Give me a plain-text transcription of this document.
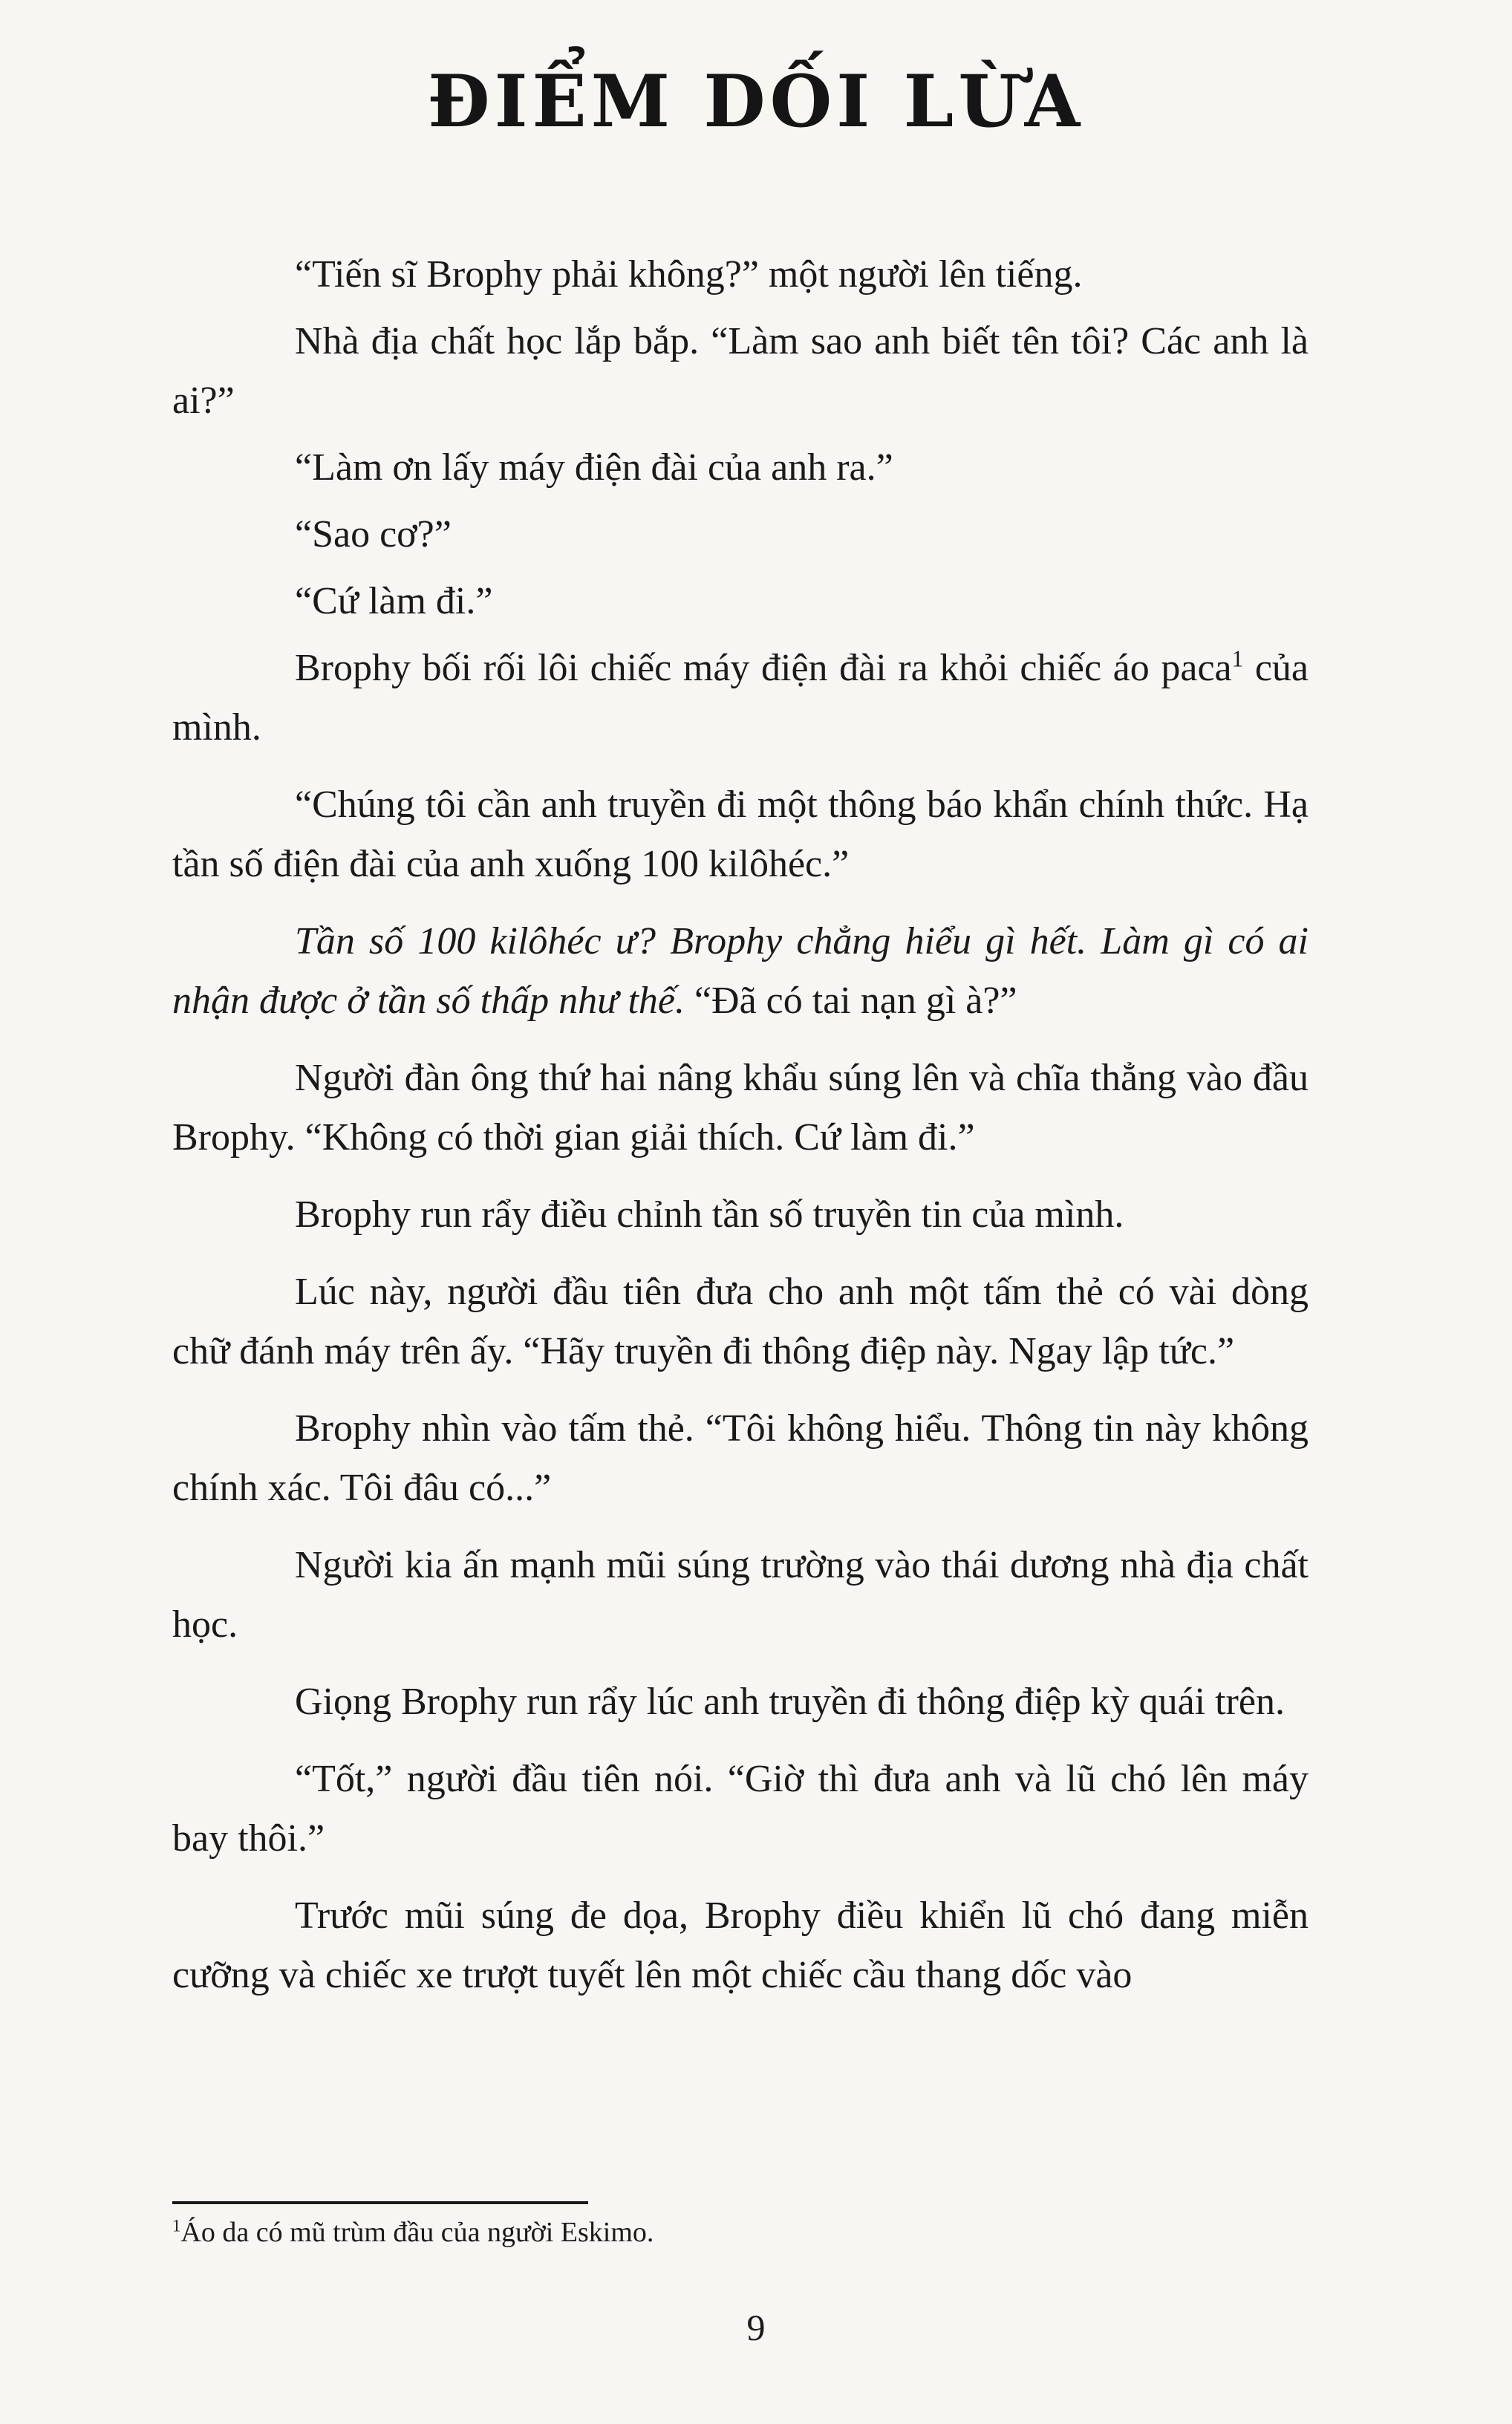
ĐIỂM DỐI LỪA

“Tiến sĩ Brophy phải không?” một người lên tiếng.

Nhà địa chất học lắp bắp. “Làm sao anh biết tên tôi? Các anh là ai?”

“Làm ơn lấy máy điện đài của anh ra.”

“Sao cơ?”

“Cứ làm đi.”

Brophy bối rối lôi chiếc máy điện đài ra khỏi chiếc áo paca$^1$ của mình.

“Chúng tôi cần anh truyền đi một thông báo khẩn chính thức. Hạ tần số điện đài của anh xuống 100 kilôhéc.”

Tần số 100 kilôhéc ư? Brophy chẳng hiểu gì hết. Làm gì có ai nhận được ở tần số thấp như thế. “Đã có tai nạn gì à?”

Người đàn ông thứ hai nâng khẩu súng lên và chĩa thẳng vào đầu Brophy. “Không có thời gian giải thích. Cứ làm đi.”

Brophy run rẩy điều chỉnh tần số truyền tin của mình.

Lúc này, người đầu tiên đưa cho anh một tấm thẻ có vài dòng chữ đánh máy trên ấy. “Hãy truyền đi thông điệp này. Ngay lập tức.”

Brophy nhìn vào tấm thẻ. “Tôi không hiểu. Thông tin này không chính xác. Tôi đâu có...”

Người kia ấn mạnh mũi súng trường vào thái dương nhà địa chất học.

Giọng Brophy run rẩy lúc anh truyền đi thông điệp kỳ quái trên.

“Tốt,” người đầu tiên nói. “Giờ thì đưa anh và lũ chó lên máy bay thôi.”

Trước mũi súng đe dọa, Brophy điều khiển lũ chó đang miễn cưỡng và chiếc xe trượt tuyết lên một chiếc cầu thang dốc vào

$^1$Áo da có mũ trùm đầu của người Eskimo.
9
